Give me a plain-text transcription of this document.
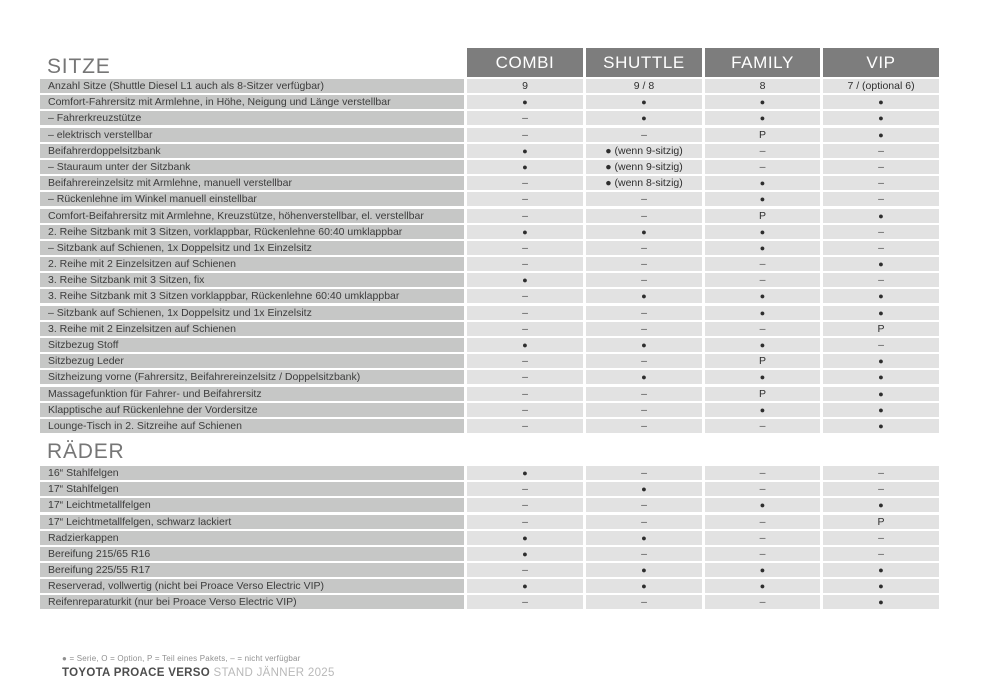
SITZE	COMBI	SHUTTLE	FAMILY	VIP
Anzahl Sitze (Shuttle Diesel L1 auch als 8-Sitzer verfügbar)	9	9 / 8	8	7 / (optional 6)
Comfort-Fahrersitz mit Armlehne, in Höhe, Neigung und Länge verstellbar	●	●	●	●
– Fahrerkreuzstütze	–	●	●	●
– elektrisch verstellbar	–	–	P	●
Beifahrerdoppelsitzbank	●	● (wenn 9-sitzig)	–	–
– Stauraum unter der Sitzbank	●	● (wenn 9-sitzig)	–	–
Beifahrereinzelsitz mit Armlehne, manuell verstellbar	–	● (wenn 8-sitzig)	●	–
– Rückenlehne im Winkel manuell einstellbar	–	–	●	–
Comfort-Beifahrersitz mit Armlehne, Kreuzstütze, höhenverstellbar, el. verstellbar	–	–	P	●
2. Reihe Sitzbank mit 3 Sitzen, vorklappbar, Rückenlehne 60:40 umklappbar	●	●	●	–
– Sitzbank auf Schienen, 1x Doppelsitz und 1x Einzelsitz	–	–	●	–
2. Reihe mit 2 Einzelsitzen auf Schienen	–	–	–	●
3. Reihe Sitzbank mit 3 Sitzen, fix	●	–	–	–
3. Reihe Sitzbank mit 3 Sitzen vorklappbar, Rückenlehne 60:40 umklappbar	–	●	●	●
– Sitzbank auf Schienen, 1x Doppelsitz und 1x Einzelsitz	–	–	●	●
3. Reihe mit 2 Einzelsitzen auf Schienen	–	–	–	P
Sitzbezug Stoff	●	●	●	–
Sitzbezug Leder	–	–	P	●
Sitzheizung vorne (Fahrersitz, Beifahrereinzelsitz / Doppelsitzbank)	–	●	●	●
Massagefunktion für Fahrer- und Beifahrersitz	–	–	P	●
Klapptische auf Rückenlehne der Vordersitze	–	–	●	●
Lounge-Tisch in 2. Sitzreihe auf Schienen	–	–	–	●
RÄDER
16“ Stahlfelgen	●	–	–	–
17“ Stahlfelgen	–	●	–	–
17“ Leichtmetallfelgen	–	–	●	●
17“ Leichtmetallfelgen, schwarz lackiert	–	–	–	P
Radzierkappen	●	●	–	–
Bereifung 215/65 R16	●	–	–	–
Bereifung 225/55 R17	–	●	●	●
Reserverad, vollwertig (nicht bei Proace Verso Electric VIP)	●	●	●	●
Reifenreparaturkit (nur bei Proace Verso Electric VIP)	–	–	–	●
● = Serie, O = Option, P = Teil eines Pakets, – = nicht verfügbar
TOYOTA PROACE VERSO STAND JÄNNER 2025
